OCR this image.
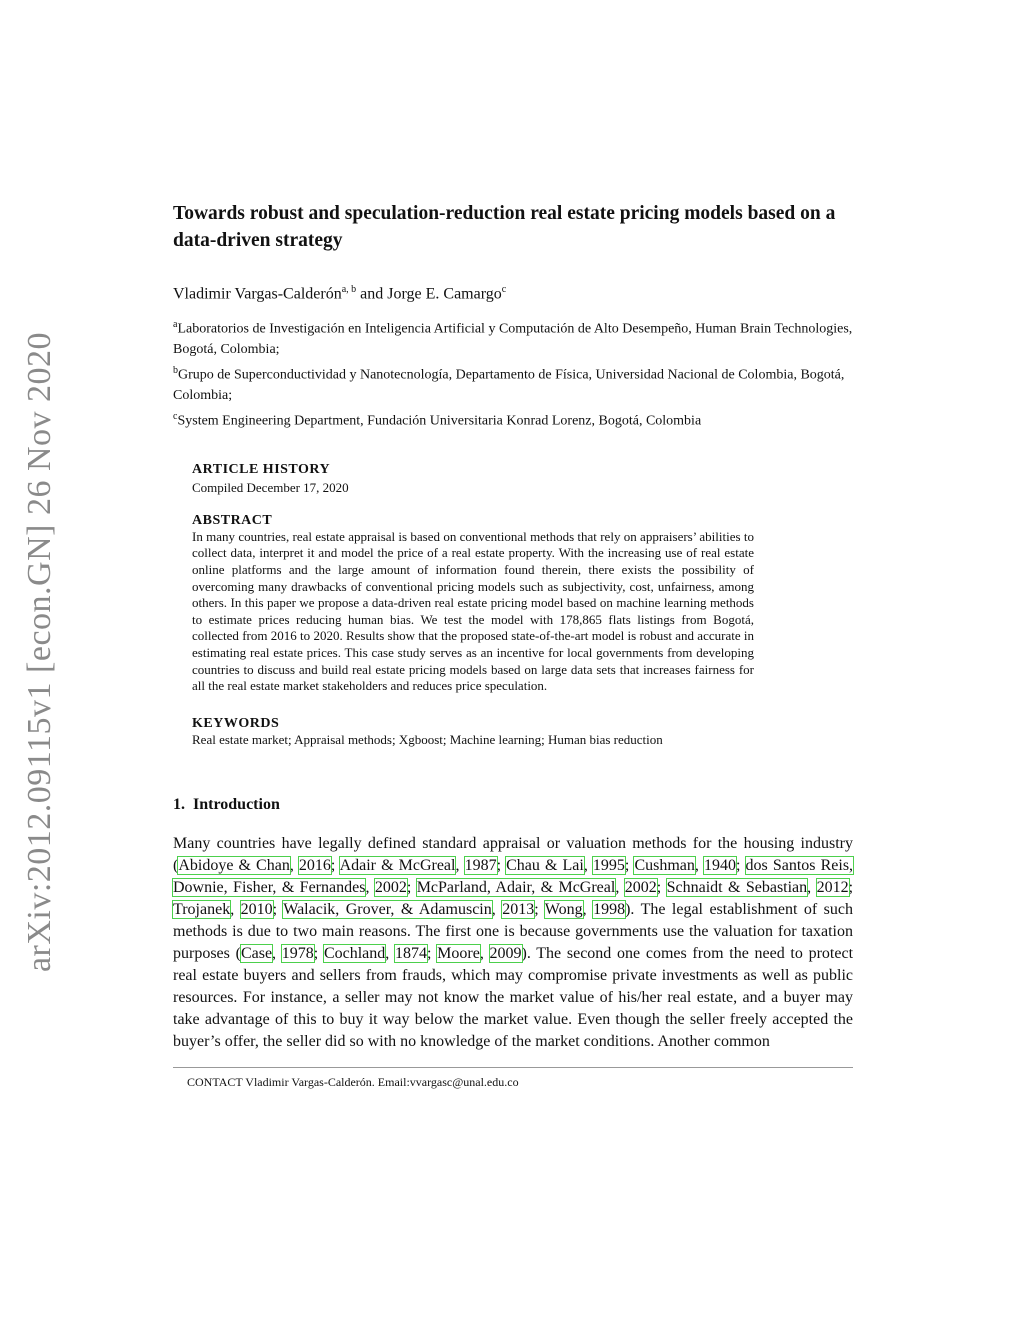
arXiv:2012.09115v1 [econ.GN] 26 Nov 2020
Towards robust and speculation-reduction real estate pricing models based on a data-driven strategy
Vladimir Vargas-Calderón$^{a, b}$ and Jorge E. Camargo$^c$
$^a$Laboratorios de Investigación en Inteligencia Artificial y Computación de Alto Desempeño, Human Brain Technologies, Bogotá, Colombia;
$^b$Grupo de Superconductividad y Nanotecnología, Departamento de Física, Universidad Nacional de Colombia, Bogotá, Colombia;
$^c$System Engineering Department, Fundación Universitaria Konrad Lorenz, Bogotá, Colombia
ARTICLE HISTORY
Compiled December 17, 2020
ABSTRACT

In many countries, real estate appraisal is based on conventional methods that rely on appraisers’ abilities to collect data, interpret it and model the price of a real estate property. With the increasing use of real estate online platforms and the large amount of information found therein, there exists the possibility of overcoming many drawbacks of conventional pricing models such as subjectivity, cost, unfairness, among others. In this paper we propose a data-driven real estate pricing model based on machine learning methods to estimate prices reducing human bias. We test the model with 178,865 flats listings from Bogotá, collected from 2016 to 2020. Results show that the proposed state-of-the-art model is robust and accurate in estimating real estate prices. This case study serves as an incentive for local governments from developing countries to discuss and build real estate pricing models based on large data sets that increases fairness for all the real estate market stakeholders and reduces price speculation.

KEYWORDS

Real estate market; Appraisal methods; Xgboost; Machine learning; Human bias reduction

1. Introduction

Many countries have legally defined standard appraisal or valuation methods for the housing industry (Abidoye & Chan, 2016; Adair & McGreal, 1987; Chau & Lai, 1995; Cushman, 1940; dos Santos Reis, Downie, Fisher, & Fernandes, 2002; McParland, Adair, & McGreal, 2002; Schnaidt & Sebastian, 2012; Trojanek, 2010; Walacik, Grover, & Adamuscin, 2013; Wong, 1998). The legal establishment of such methods is due to two main reasons. The first one is because governments use the valuation for taxation purposes (Case, 1978; Cochland, 1874; Moore, 2009). The second one comes from the need to protect real estate buyers and sellers from frauds, which may compromise private investments as well as public resources. For instance, a seller may not know the market value of his/her real estate, and a buyer may take advantage of this to buy it way below the market value. Even though the seller freely accepted the buyer’s offer, the seller did so with no knowledge of the market conditions. Another common

CONTACT Vladimir Vargas-Calderón. Email:vvargasc@unal.edu.co
